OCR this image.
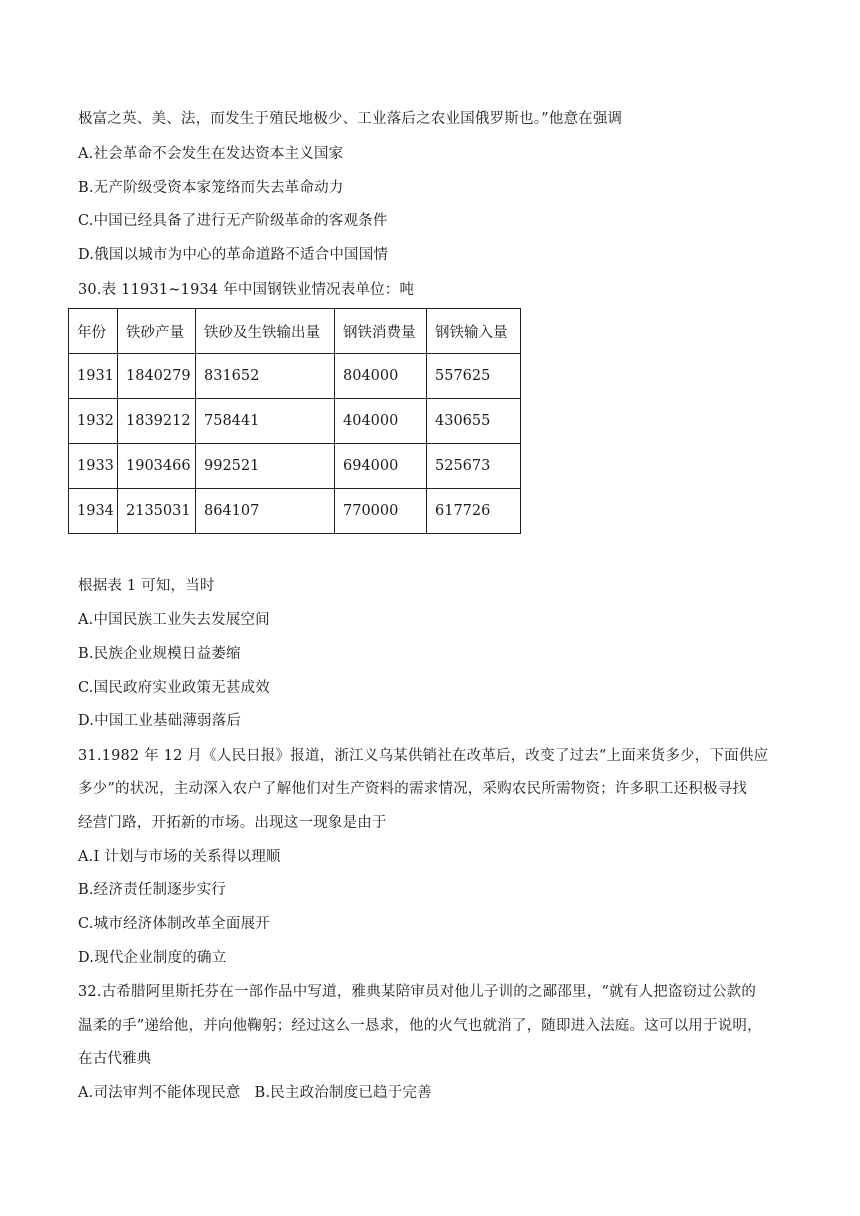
极富之英、美、法，而发生于殖民地极少、工业落后之农业国俄罗斯也。”他意在强调
A.社会革命不会发生在发达资本主义国家
B.无产阶级受资本家笼络而失去革命动力
C.中国已经具备了进行无产阶级革命的客观条件
D.俄国以城市为中心的革命道路不适合中国国情
30.表 11931~1934 年中国钢铁业情况表单位：吨
年份	铁砂产量	铁砂及生铁输出量	钢铁消费量	钢铁输入量
1931	1840279	831652	804000	557625
1932	1839212	758441	404000	430655
1933	1903466	992521	694000	525673
1934	2135031	864107	770000	617726
根据表 1 可知，当时
A.中国民族工业失去发展空间
B.民族企业规模日益萎缩
C.国民政府实业政策无甚成效
D.中国工业基础薄弱落后
31.1982 年 12 月《人民日报》报道，浙江义乌某供销社在改革后，改变了过去“上面来货多少，下面供应
多少”的状况，主动深入农户了解他们对生产资料的需求情况，采购农民所需物资；许多职工还积极寻找
经营门路，开拓新的市场。出现这一现象是由于
A.I 计划与市场的关系得以理顺
B.经济责任制逐步实行
C.城市经济体制改革全面展开
D.现代企业制度的确立
32.古希腊阿里斯托芬在一部作品中写道，雅典某陪审员对他儿子训的之鄙邵里，“就有人把盗窃过公款的
温柔的手”递给他，并向他鞠躬；经过这么一恳求，他的火气也就消了，随即进入法庭。这可以用于说明，
在古代雅典
A.司法审判不能体现民意 B.民主政治制度已趋于完善
